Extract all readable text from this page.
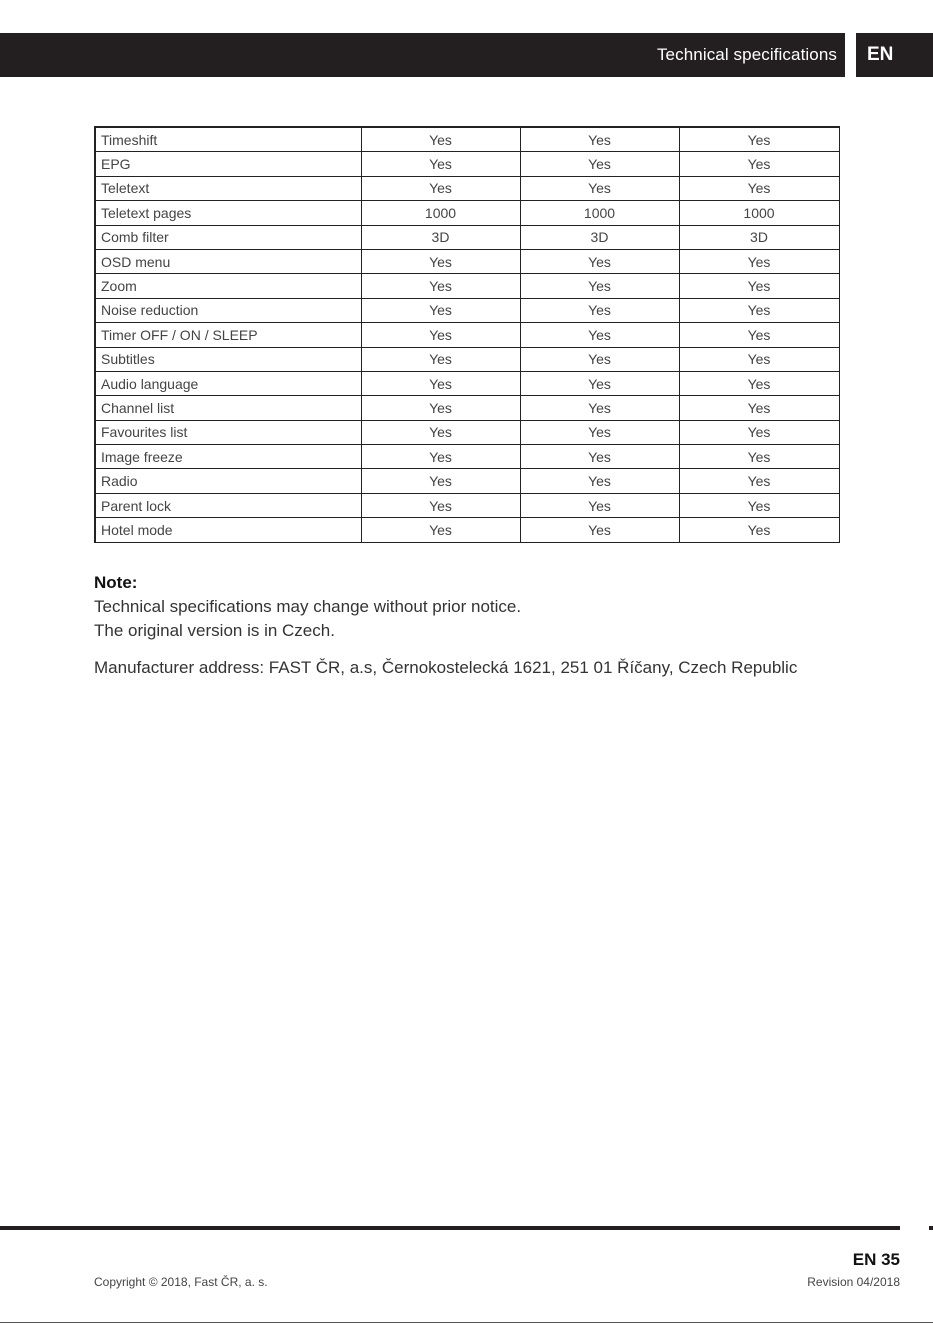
Technical specifications EN
Timeshift	Yes	Yes	Yes
EPG	Yes	Yes	Yes
Teletext	Yes	Yes	Yes
Teletext pages	1000	1000	1000
Comb filter	3D	3D	3D
OSD menu	Yes	Yes	Yes
Zoom	Yes	Yes	Yes
Noise reduction	Yes	Yes	Yes
Timer OFF / ON / SLEEP	Yes	Yes	Yes
Subtitles	Yes	Yes	Yes
Audio language	Yes	Yes	Yes
Channel list	Yes	Yes	Yes
Favourites list	Yes	Yes	Yes
Image freeze	Yes	Yes	Yes
Radio	Yes	Yes	Yes
Parent lock	Yes	Yes	Yes
Hotel mode	Yes	Yes	Yes
Note:
Technical specifications may change without prior notice.
The original version is in Czech.
Manufacturer address: FAST ČR, a.s, Černokostelecká 1621, 251 01 Říčany, Czech Republic
EN 35
Copyright © 2018, Fast ČR, a. s.	Revision 04/2018
